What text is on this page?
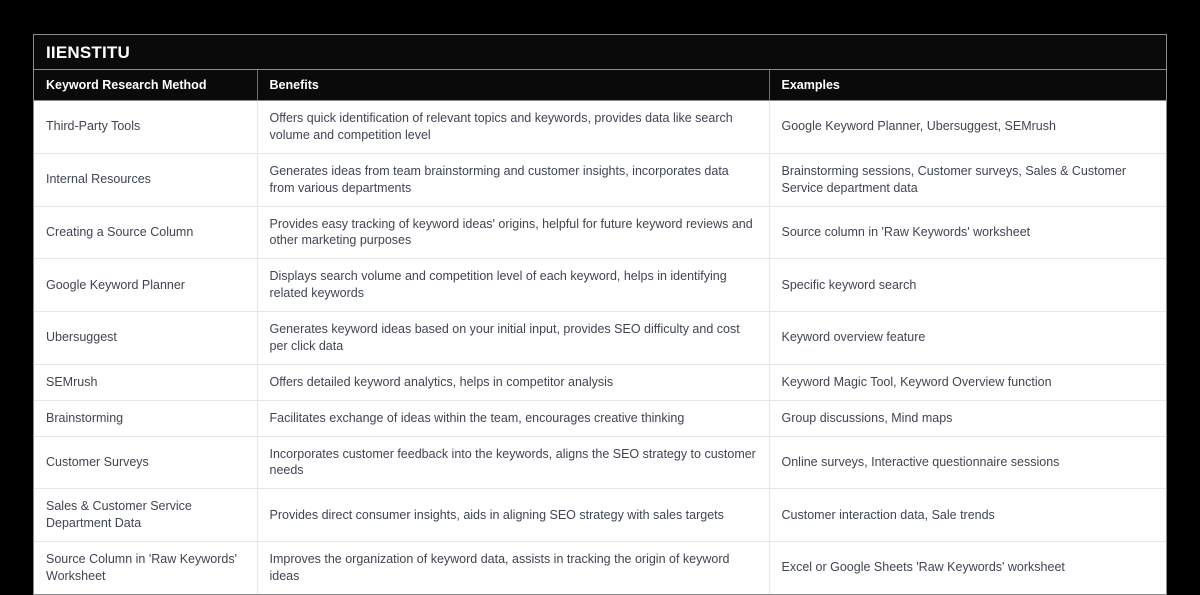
IIENSTITU
Keyword Research Method	Benefits	Examples
Third-Party Tools	Offers quick identification of relevant topics and keywords, provides data like search volume and competition level	Google Keyword Planner, Ubersuggest, SEMrush
Internal Resources	Generates ideas from team brainstorming and customer insights, incorporates data from various departments	Brainstorming sessions, Customer surveys, Sales & Customer Service department data
Creating a Source Column	Provides easy tracking of keyword ideas' origins, helpful for future keyword reviews and other marketing purposes	Source column in 'Raw Keywords' worksheet
Google Keyword Planner	Displays search volume and competition level of each keyword, helps in identifying related keywords	Specific keyword search
Ubersuggest	Generates keyword ideas based on your initial input, provides SEO difficulty and cost per click data	Keyword overview feature
SEMrush	Offers detailed keyword analytics, helps in competitor analysis	Keyword Magic Tool, Keyword Overview function
Brainstorming	Facilitates exchange of ideas within the team, encourages creative thinking	Group discussions, Mind maps
Customer Surveys	Incorporates customer feedback into the keywords, aligns the SEO strategy to customer needs	Online surveys, Interactive questionnaire sessions
Sales & Customer Service Department Data	Provides direct consumer insights, aids in aligning SEO strategy with sales targets	Customer interaction data, Sale trends
Source Column in 'Raw Keywords' Worksheet	Improves the organization of keyword data, assists in tracking the origin of keyword ideas	Excel or Google Sheets 'Raw Keywords' worksheet
